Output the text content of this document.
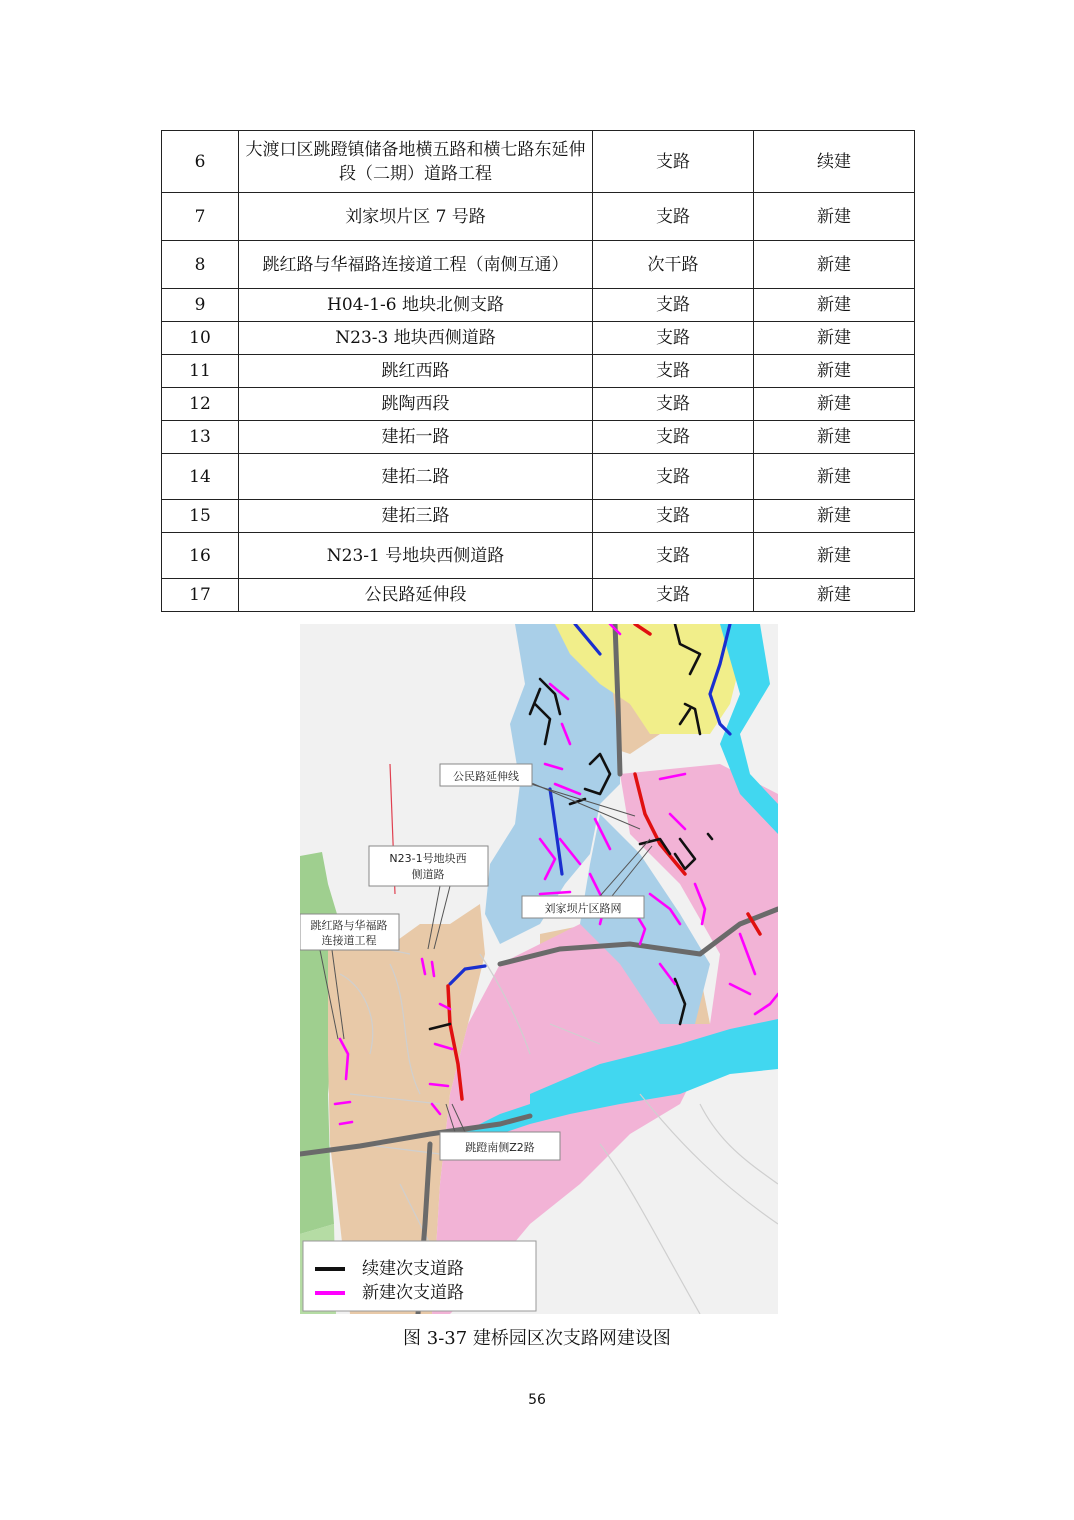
6	大渡口区跳蹬镇储备地横五路和横七路东延伸段（二期）道路工程	支路	续建
7	刘家坝片区 7 号路	支路	新建
8	跳红路与华福路连接道工程（南侧互通）	次干路	新建
9	H04-1-6 地块北侧支路	支路	新建
10	N23-3 地块西侧道路	支路	新建
11	跳红西路	支路	新建
12	跳陶西段	支路	新建
13	建拓一路	支路	新建
14	建拓二路	支路	新建
15	建拓三路	支路	新建
16	N23-1 号地块西侧道路	支路	新建
17	公民路延伸段	支路	新建
公民路延伸线
N23-1号地块西
侧道路
跳红路与华福路
连接道工程
刘家坝片区路网
跳蹬南侧Z2路
续建次支道路
新建次支道路
图 3-37 建桥园区次支路网建设图
56
